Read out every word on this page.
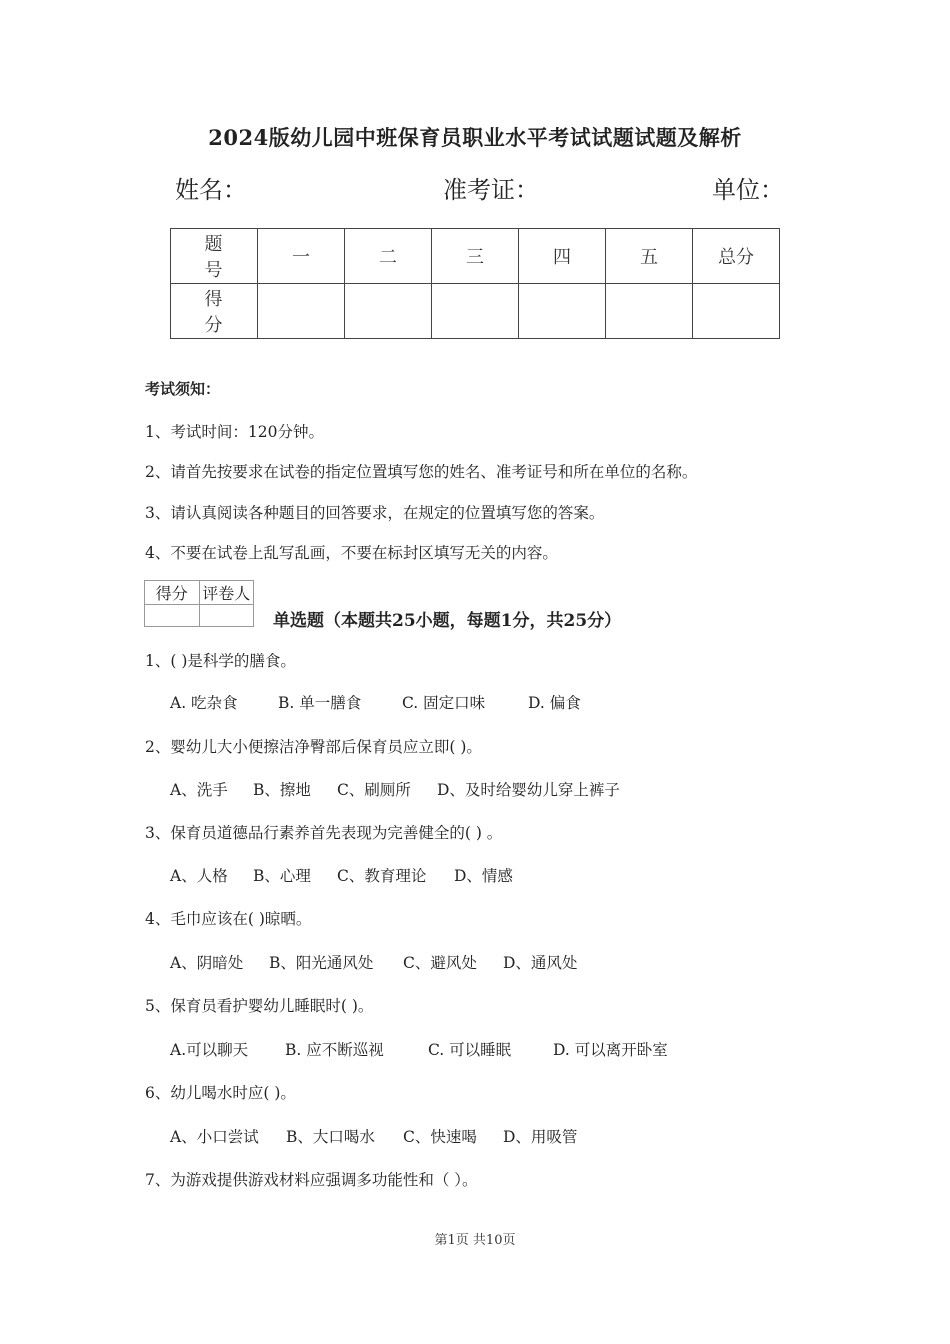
2024版幼儿园中班保育员职业水平考试试题试题及解析
姓名：	准考证：	单位：
题 号	一	二	三	四	五	总分
得 分						
考试须知：
1、考试时间：120分钟。
2、请首先按要求在试卷的指定位置填写您的姓名、准考证号和所在单位的名称。
3、请认真阅读各种题目的回答要求，在规定的位置填写您的答案。
4、不要在试卷上乱写乱画，不要在标封区填写无关的内容。
得分	评卷人

单选题（本题共25小题，每题1分，共25分）
1、( )是科学的膳食。
A. 吃杂食	B. 单一膳食	C. 固定口味	D. 偏食
2、婴幼儿大小便擦洁净臀部后保育员应立即( )。
A、洗手 B、擦地 C、刷厕所 D、及时给婴幼儿穿上裤子
3、保育员道德品行素养首先表现为完善健全的( ) 。
A、人格 B、心理 C、教育理论 D、情感
4、毛巾应该在( )晾晒。
A、阴暗处 B、阳光通风处 C、避风处 D、通风处
5、保育员看护婴幼儿睡眠时( )。
A.可以聊天 B. 应不断巡视	C. 可以睡眠	D. 可以离开卧室
6、幼儿喝水时应( )。
A、小口尝试 B、大口喝水 C、快速喝 D、用吸管
7、为游戏提供游戏材料应强调多功能性和（ ）。
第1页 共10页
